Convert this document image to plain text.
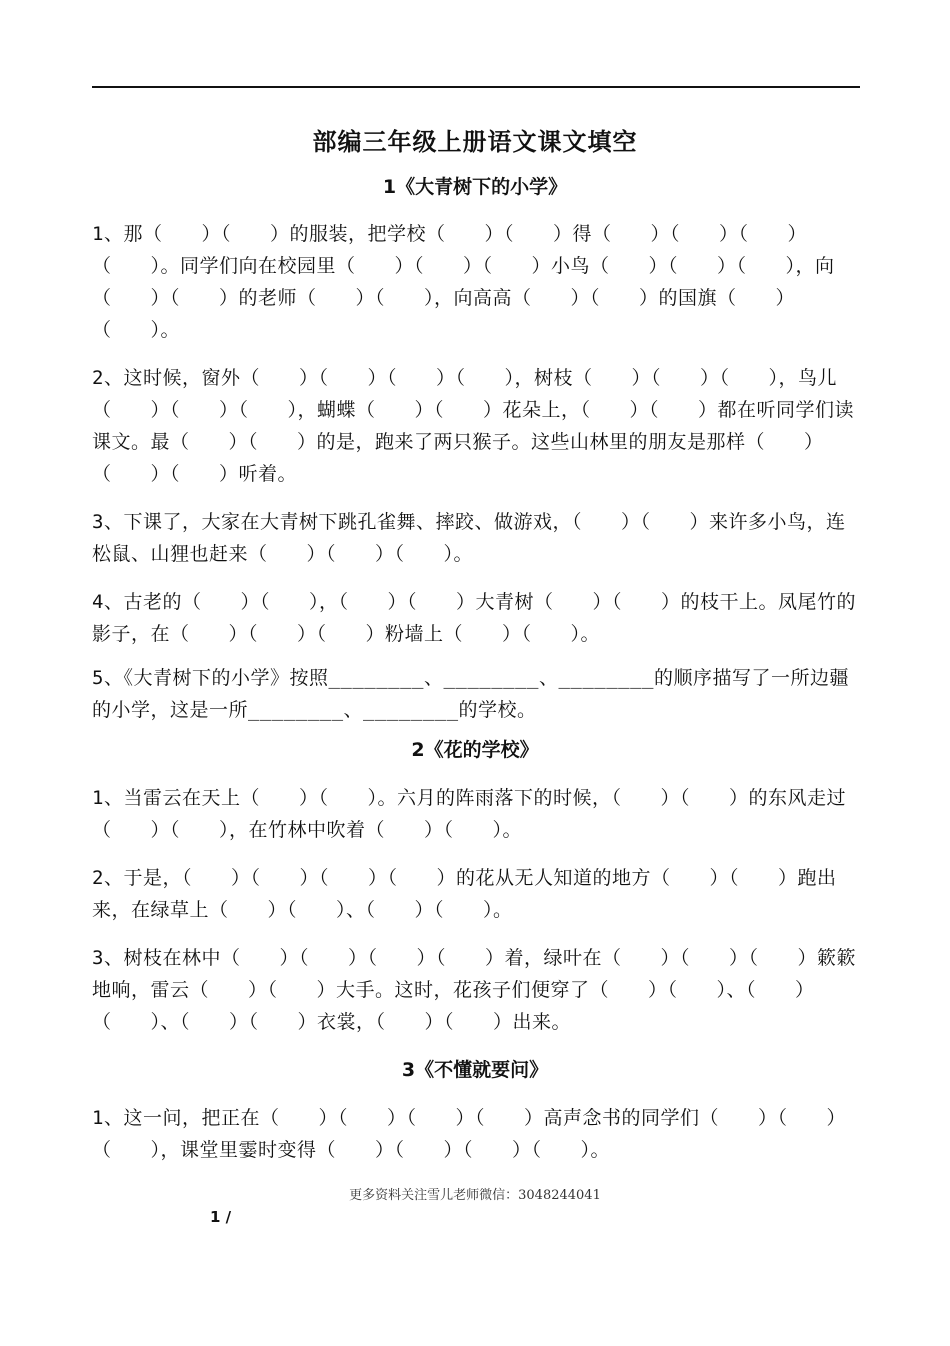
部编三年级上册语文课文填空
1《大青树下的小学》

1、那（　　）（　　）的服装，把学校（　　）（　　）得（　　）（　　）（　　）（　　）。同学们向在校园里（　　）（　　）（　　）小鸟（　　）（　　）（　　），向（　　）（　　）的老师（　　）（　　），向高高（　　）（　　）的国旗（　　）（　　）。

2、这时候，窗外（　　）（　　）（　　）（　　），树枝（　　）（　　）（　　），鸟儿（　　）（　　）（　　），蝴蝶（　　）（　　）花朵上，（　　）（　　）都在听同学们读课文。最（　　）（　　）的是，跑来了两只猴子。这些山林里的朋友是那样（　　）（　　）（　　）听着。

3、下课了，大家在大青树下跳孔雀舞、摔跤、做游戏，（　　）（　　）来许多小鸟，连松鼠、山狸也赶来（　　）（　　）（　　）。

4、古老的（　　）（　　），（　　）（　　）大青树（　　）（　　）的枝干上。凤尾竹的影子，在（　　）（　　）（　　）粉墙上（　　）（　　）。

5、《大青树下的小学》按照________、________、________的顺序描写了一所边疆的小学，这是一所________、________的学校。

2《花的学校》

1、当雷云在天上（　　）（　　）。六月的阵雨落下的时候，（　　）（　　）的东风走过（　　）（　　），在竹林中吹着（　　）（　　）。

2、于是，（　　）（　　）（　　）（　　）的花从无人知道的地方（　　）（　　）跑出来，在绿草上（　　）（　　）、（　　）（　　）。

3、树枝在林中（　　）（　　）（　　）（　　）着，绿叶在（　　）（　　）（　　）簌簌地响，雷云（　　）（　　）大手。这时，花孩子们便穿了（　　）（　　）、（　　）（　　）、（　　）（　　）衣裳，（　　）（　　）出来。

3《不懂就要问》

1、这一问，把正在（　　）（　　）（　　）（　　）高声念书的同学们（　　）（　　）（　　），课堂里霎时变得（　　）（　　）（　　）（　　）。

更多资料关注雪儿老师微信：3048244041
1 /
